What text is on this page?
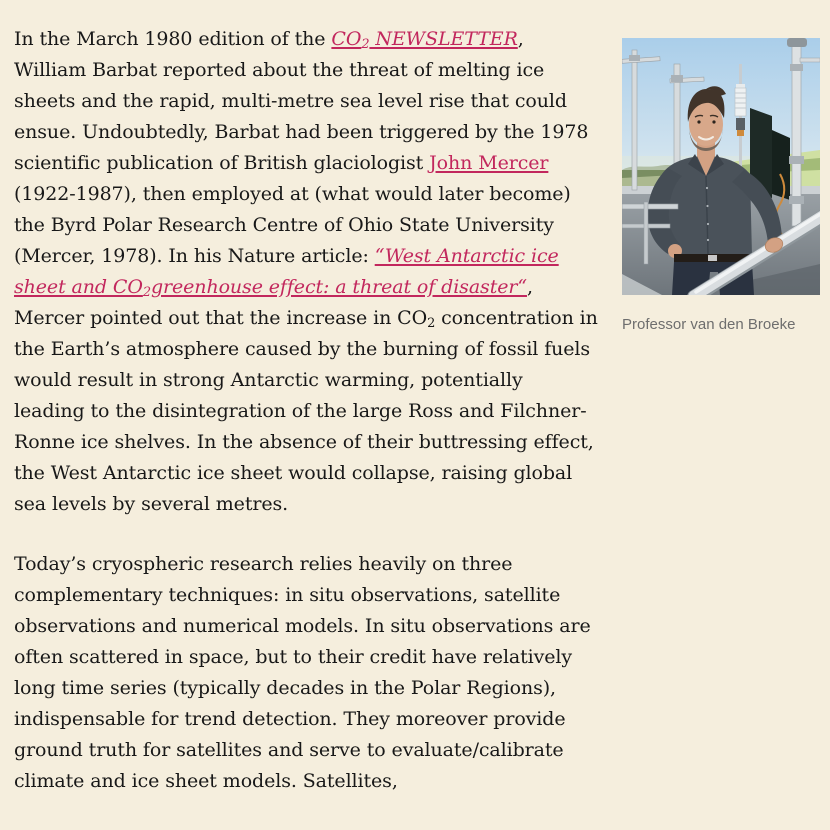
In the March 1980 edition of the $CO_2$ NEWSLETTER, William Barbat reported about the threat of melting ice sheets and the rapid, multi-metre sea level rise that could ensue. Undoubtedly, Barbat had been triggered by the 1978 scientific publication of British glaciologist John Mercer (1922-1987), then employed at (what would later become) the Byrd Polar Research Centre of Ohio State University (Mercer, 1978). In his Nature article: “West Antarctic ice sheet and $CO_2greenhouse$ effect: a threat of disaster“, Mercer pointed out that the increase in $CO_2$ concentration in the Earth’s atmosphere caused by the burning of fossil fuels would result in strong Antarctic warming, potentially leading to the disintegration of the large Ross and Filchner-Ronne ice shelves. In the absence of their buttressing effect, the West Antarctic ice sheet would collapse, raising global sea levels by several metres.

Today’s cryospheric research relies heavily on three complementary techniques: in situ observations, satellite observations and numerical models. In situ observations are often scattered in space, but to their credit have relatively long time series (typically decades in the Polar Regions), indispensable for trend detection. They moreover provide ground truth for satellites and serve to evaluate/calibrate climate and ice sheet models. Satellites,

Professor van den Broeke
